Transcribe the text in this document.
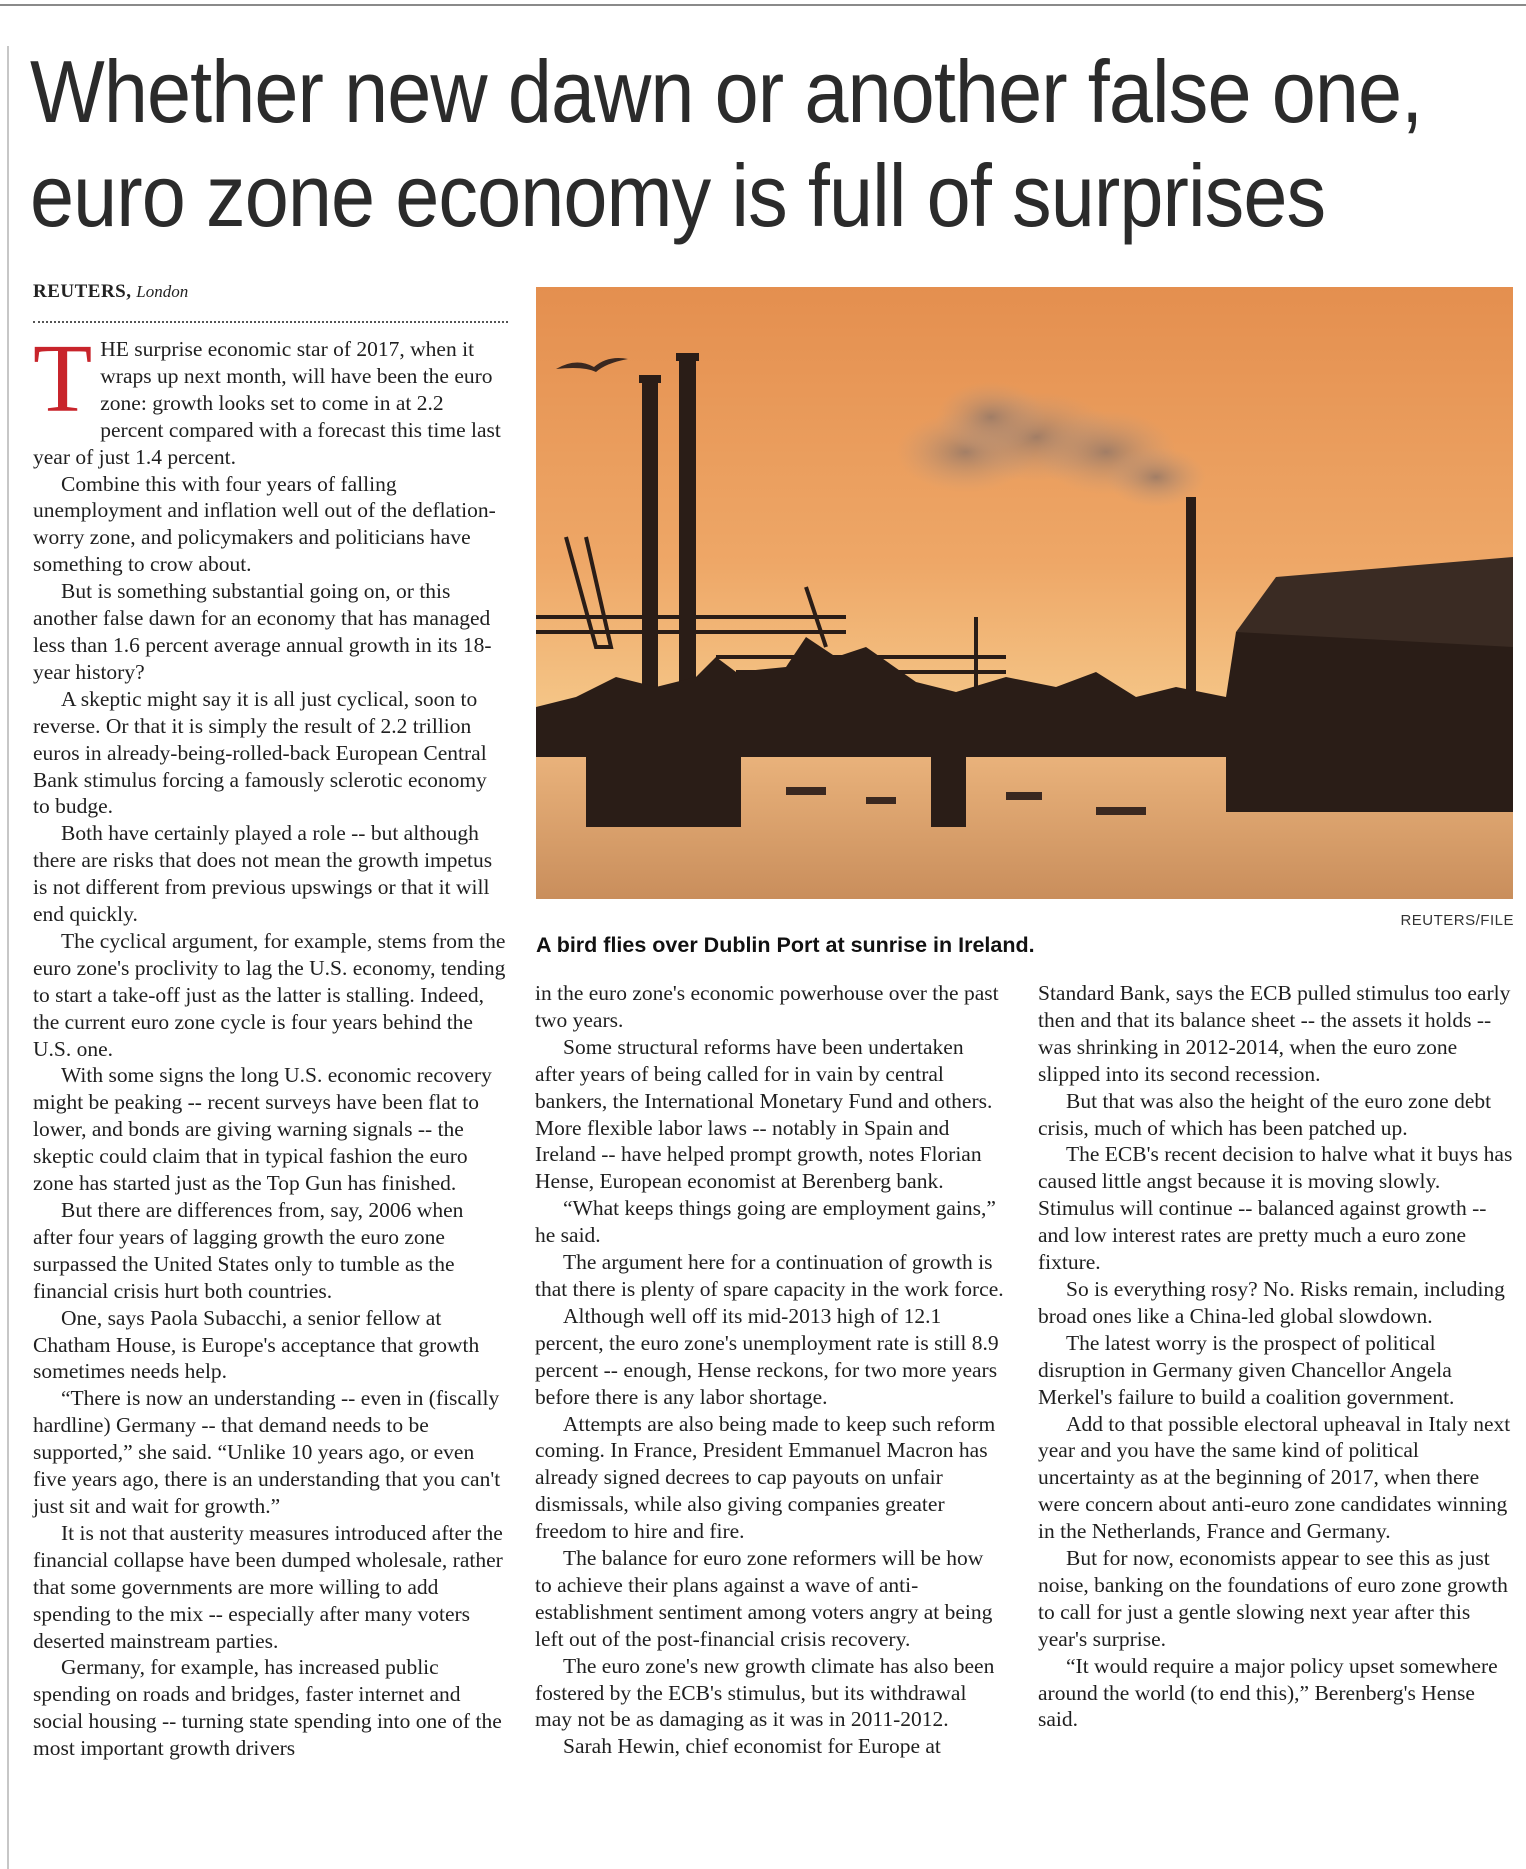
Whether new dawn or another false one,
euro zone economy is full of surprises

REUTERS, London

T HE surprise economic star of 2017, when it wraps up next month, will have been the euro zone: growth looks set to come in at 2.2 percent compared with a forecast this time last year of just 1.4 percent.

Combine this with four years of falling unemployment and inflation well out of the deflation-worry zone, and policymakers and politicians have something to crow about.

But is something substantial going on, or this another false dawn for an economy that has managed less than 1.6 percent average annual growth in its 18-year history?

A skeptic might say it is all just cyclical, soon to reverse. Or that it is simply the result of 2.2 trillion euros in already-being-rolled-back European Central Bank stimulus forcing a famously sclerotic economy to budge.

Both have certainly played a role -- but although there are risks that does not mean the growth impetus is not different from previous upswings or that it will end quickly.

The cyclical argument, for example, stems from the euro zone's proclivity to lag the U.S. economy, tending to start a take-off just as the latter is stalling. Indeed, the current euro zone cycle is four years behind the U.S. one.

With some signs the long U.S. economic recovery might be peaking -- recent surveys have been flat to lower, and bonds are giving warning signals -- the skeptic could claim that in typical fashion the euro zone has started just as the Top Gun has finished.

But there are differences from, say, 2006 when after four years of lagging growth the euro zone surpassed the United States only to tumble as the financial crisis hurt both countries.

One, says Paola Subacchi, a senior fellow at Chatham House, is Europe's acceptance that growth sometimes needs help.

“There is now an understanding -- even in (fiscally hardline) Germany -- that demand needs to be supported,” she said. “Unlike 10 years ago, or even five years ago, there is an understanding that you can't just sit and wait for growth.”

It is not that austerity measures introduced after the financial collapse have been dumped wholesale, rather that some governments are more willing to add spending to the mix -- especially after many voters deserted mainstream parties.

Germany, for example, has increased public spending on roads and bridges, faster internet and social housing -- turning state spending into one of the most important growth drivers

REUTERS/FILE

A bird flies over Dublin Port at sunrise in Ireland.

in the euro zone's economic powerhouse over the past two years.

Some structural reforms have been undertaken after years of being called for in vain by central bankers, the International Monetary Fund and others. More flexible labor laws -- notably in Spain and Ireland -- have helped prompt growth, notes Florian Hense, European economist at Berenberg bank.

“What keeps things going are employment gains,” he said.

The argument here for a continuation of growth is that there is plenty of spare capacity in the work force.

Although well off its mid-2013 high of 12.1 percent, the euro zone's unemployment rate is still 8.9 percent -- enough, Hense reckons, for two more years before there is any labor shortage.

Attempts are also being made to keep such reform coming. In France, President Emmanuel Macron has already signed decrees to cap payouts on unfair dismissals, while also giving companies greater freedom to hire and fire.

The balance for euro zone reformers will be how to achieve their plans against a wave of anti-establishment sentiment among voters angry at being left out of the post-financial crisis recovery.

The euro zone's new growth climate has also been fostered by the ECB's stimulus, but its withdrawal may not be as damaging as it was in 2011-2012.

Sarah Hewin, chief economist for Europe at

Standard Bank, says the ECB pulled stimulus too early then and that its balance sheet -- the assets it holds -- was shrinking in 2012-2014, when the euro zone slipped into its second recession.

But that was also the height of the euro zone debt crisis, much of which has been patched up.

The ECB's recent decision to halve what it buys has caused little angst because it is moving slowly. Stimulus will continue -- balanced against growth -- and low interest rates are pretty much a euro zone fixture.

So is everything rosy? No. Risks remain, including broad ones like a China-led global slowdown.

The latest worry is the prospect of political disruption in Germany given Chancellor Angela Merkel's failure to build a coalition government.

Add to that possible electoral upheaval in Italy next year and you have the same kind of political uncertainty as at the beginning of 2017, when there were concern about anti-euro zone candidates winning in the Netherlands, France and Germany.

But for now, economists appear to see this as just noise, banking on the foundations of euro zone growth to call for just a gentle slowing next year after this year's surprise.

“It would require a major policy upset somewhere around the world (to end this),” Berenberg's Hense said.
